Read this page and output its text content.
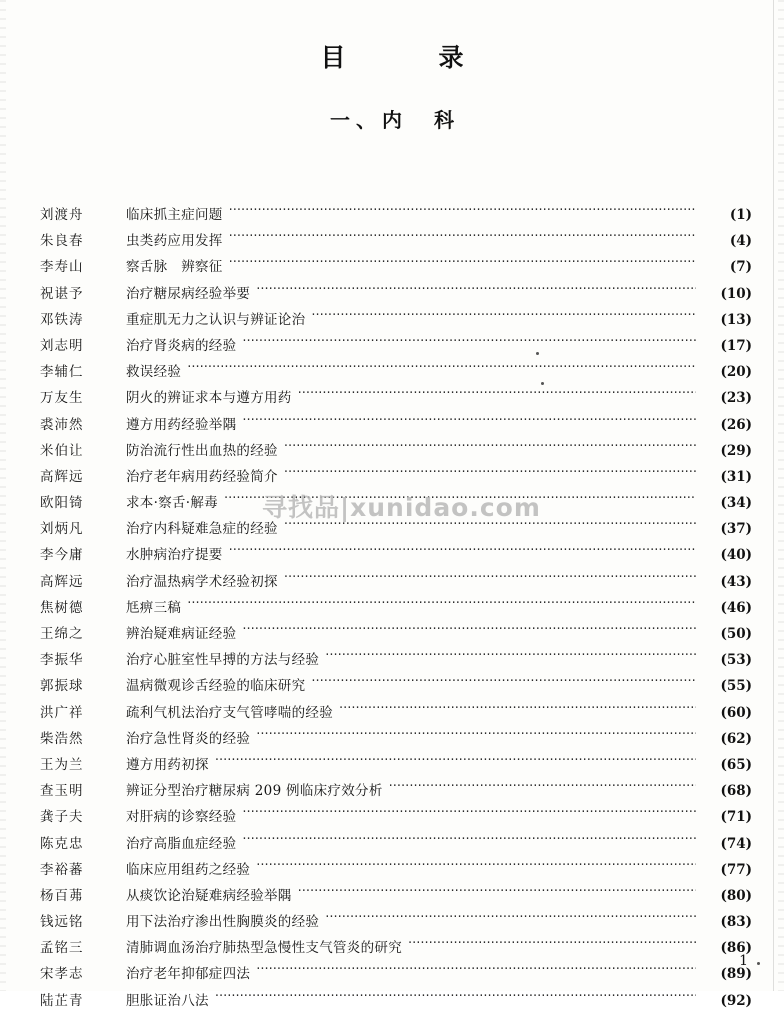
目　录
一、内　科
刘渡舟	临床抓主症问题 ·····	(1)
朱良春	虫类药应用发挥 ·····	(4)
李寿山	察舌脉　辨察征 ·····	(7)
祝谌予	治疗糖尿病经验举要 ·····	(10)
邓铁涛	重症肌无力之认识与辨证论治 ·····	(13)
刘志明	治疗肾炎病的经验 ·····	(17)
李辅仁	救误经验 ·····	(20)
万友生	阴火的辨证求本与遵方用药 ·····	(23)
裘沛然	遵方用药经验举隅 ·····	(26)
米伯让	防治流行性出血热的经验 ·····	(29)
高辉远	治疗老年病用药经验简介 ·····	(31)
欧阳锜	求本·察舌·解毒 ·····	(34)
刘炳凡	治疗内科疑难急症的经验 ·····	(37)
李今庸	水肿病治疗提要 ·····	(40)
高辉远	治疗温热病学术经验初探 ·····	(43)
焦树德	尪痹三稿 ·····	(46)
王绵之	辨治疑难病证经验 ·····	(50)
李振华	治疗心脏室性早搏的方法与经验 ·····	(53)
郭振球	温病微观诊舌经验的临床研究 ·····	(55)
洪广祥	疏利气机法治疗支气管哮喘的经验 ·····	(60)
柴浩然	治疗急性肾炎的经验 ·····	(62)
王为兰	遵方用药初探 ·····	(65)
查玉明	辨证分型治疗糖尿病 209 例临床疗效分析 ·····	(68)
龚子夫	对肝病的诊察经验 ·····	(71)
陈克忠	治疗高脂血症经验 ·····	(74)
李裕蕃	临床应用组药之经验 ·····	(77)
杨百茀	从痰饮论治疑难病经验举隅 ·····	(80)
钱远铭	用下法治疗渗出性胸膜炎的经验 ·····	(83)
孟铭三	清肺调血汤治疗肺热型急慢性支气管炎的研究 ·····	(86)
宋孝志	治疗老年抑郁症四法 ·····	(89)
陆芷青	胆胀证治八法 ·····	(92)
寻找品|xunidao.com
1
